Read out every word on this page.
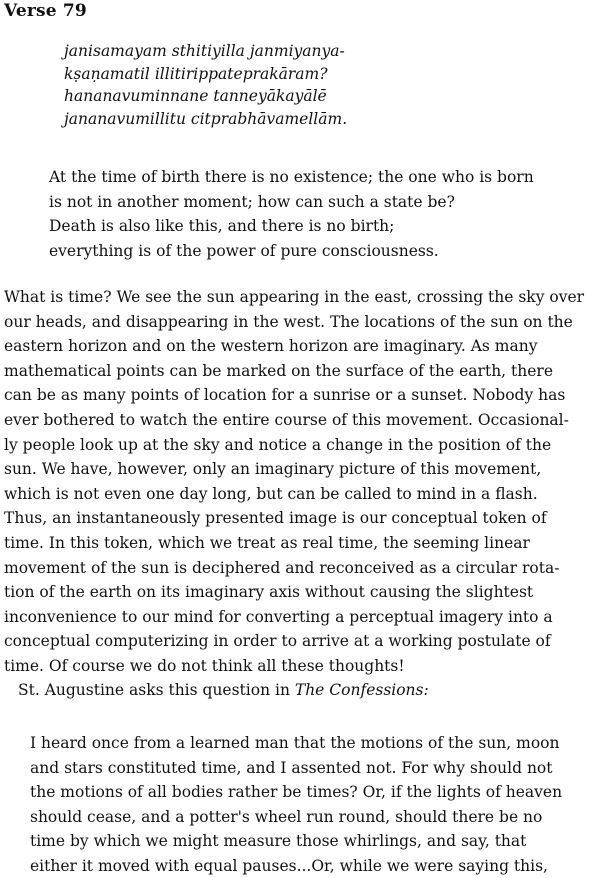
Verse 79
janisamayam sthitiyilla janmiyanya-
kṣaṇamatil illitirippateprakāram?
hananavuminnane tanneyākayālē
jananavumillitu citprabhāvamellām.
At the time of birth there is no existence; the one who is born
is not in another moment; how can such a state be?
Death is also like this, and there is no birth;
everything is of the power of pure consciousness.
What is time? We see the sun appearing in the east, crossing the sky over
our heads, and disappearing in the west. The locations of the sun on the
eastern horizon and on the western horizon are imaginary. As many
mathematical points can be marked on the surface of the earth, there
can be as many points of location for a sunrise or a sunset. Nobody has
ever bothered to watch the entire course of this movement. Occasional-
ly people look up at the sky and notice a change in the position of the
sun. We have, however, only an imaginary picture of this movement,
which is not even one day long, but can be called to mind in a flash.
Thus, an instantaneously presented image is our conceptual token of
time. In this token, which we treat as real time, the seeming linear
movement of the sun is deciphered and reconceived as a circular rota-
tion of the earth on its imaginary axis without causing the slightest
inconvenience to our mind for converting a perceptual imagery into a
conceptual computerizing in order to arrive at a working postulate of
time. Of course we do not think all these thoughts!
St. Augustine asks this question in The Confessions:
I heard once from a learned man that the motions of the sun, moon
and stars constituted time, and I assented not. For why should not
the motions of all bodies rather be times? Or, if the lights of heaven
should cease, and a potter's wheel run round, should there be no
time by which we might measure those whirlings, and say, that
either it moved with equal pauses...Or, while we were saying this,
